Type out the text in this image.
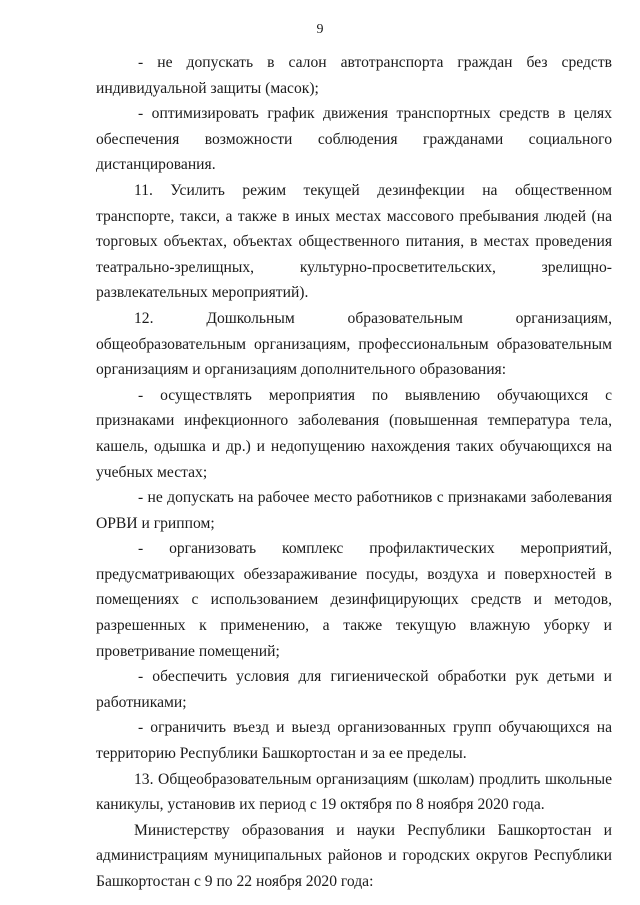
9

- не допускать в салон автотранспорта граждан без средств индивидуальной защиты (масок);

- оптимизировать график движения транспортных средств в целях обеспечения возможности соблюдения гражданами социального дистанцирования.

11. Усилить режим текущей дезинфекции на общественном транспорте, такси, а также в иных местах массового пребывания людей (на торговых объектах, объектах общественного питания, в местах проведения театрально-зрелищных, культурно-просветительских, зрелищно-развлекательных мероприятий).

12. Дошкольным образовательным организациям, общеобразовательным организациям, профессиональным образовательным организациям и организациям дополнительного образования:

- осуществлять мероприятия по выявлению обучающихся с признаками инфекционного заболевания (повышенная температура тела, кашель, одышка и др.) и недопущению нахождения таких обучающихся на учебных местах;

- не допускать на рабочее место работников с признаками заболевания ОРВИ и гриппом;

- организовать комплекс профилактических мероприятий, предусматривающих обеззараживание посуды, воздуха и поверхностей в помещениях с использованием дезинфицирующих средств и методов, разрешенных к применению, а также текущую влажную уборку и проветривание помещений;

- обеспечить условия для гигиенической обработки рук детьми и работниками;

- ограничить въезд и выезд организованных групп обучающихся на территорию Республики Башкортостан и за ее пределы.

13. Общеобразовательным организациям (школам) продлить школьные каникулы, установив их период с 19 октября по 8 ноября 2020 года.

Министерству образования и науки Республики Башкортостан и администрациям муниципальных районов и городских округов Республики Башкортостан с 9 по 22 ноября 2020 года:
